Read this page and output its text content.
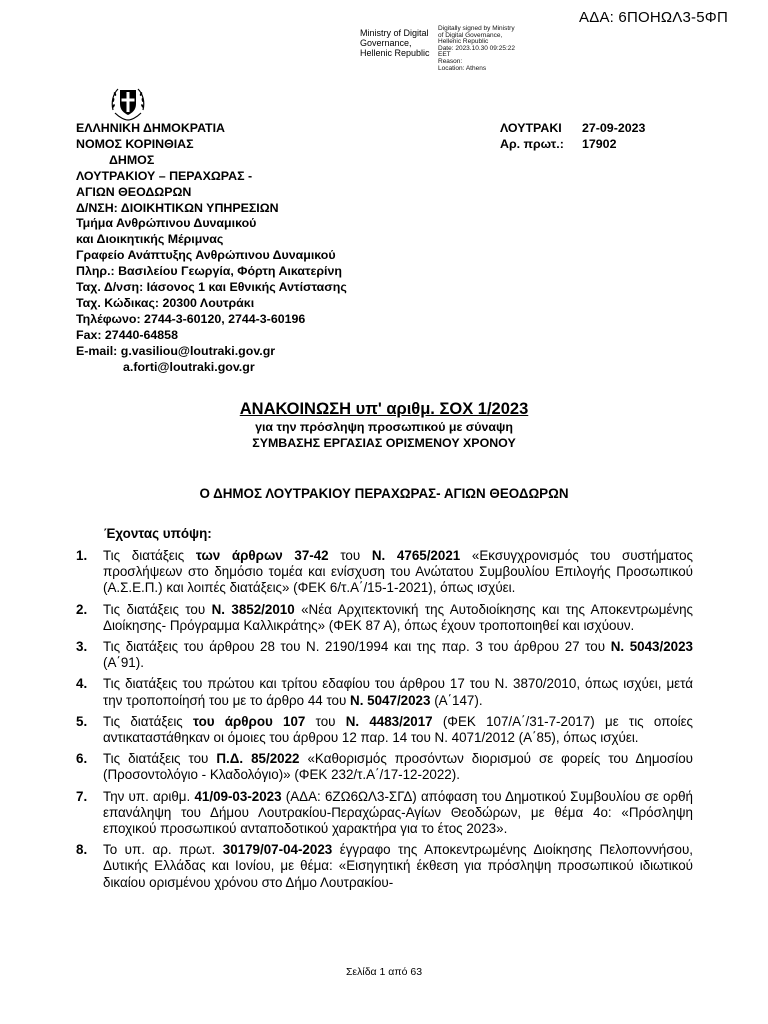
ΑΔΑ: 6ΠΟΗΩΛ3-5ΦΠ
Ministry of Digital
Governance,
Hellenic Republic
Digitally signed by Ministry
of Digital Governance,
Hellenic Republic
Date: 2023.10.30 09:25:22
EET
Reason:
Location: Athens
ΕΛΛΗΝΙΚΗ ΔΗΜΟΚΡΑΤΙΑ
ΝΟΜΟΣ ΚΟΡΙΝΘΙΑΣ
ΔΗΜΟΣ
ΛΟΥΤΡΑΚΙΟΥ – ΠΕΡΑΧΩΡΑΣ -
ΑΓΙΩΝ ΘΕΟΔΩΡΩΝ
Δ/ΝΣΗ: ΔΙΟΙΚΗΤΙΚΩΝ ΥΠΗΡΕΣΙΩΝ
Τμήμα Ανθρώπινου Δυναμικού
και Διοικητικής Μέριμνας
Γραφείο Ανάπτυξης Ανθρώπινου Δυναμικού
Πληρ.: Βασιλείου Γεωργία, Φόρτη Αικατερίνη
Ταχ. Δ/νση: Ιάσονος 1 και Εθνικής Αντίστασης
Ταχ. Κώδικας: 20300 Λουτράκι
Τηλέφωνο: 2744-3-60120, 2744-3-60196
Fax: 27440-64858
E-mail: g.vasiliou@loutraki.gov.gr
a.forti@loutraki.gov.gr
ΛΟΥΤΡΑΚΙ 27-09-2023
Αρ. πρωτ.: 17902
ΑΝΑΚΟΙΝΩΣΗ υπ' αριθμ. ΣΟΧ 1/2023
για την πρόσληψη προσωπικού με σύναψη
ΣΥΜΒΑΣΗΣ ΕΡΓΑΣΙΑΣ ΟΡΙΣΜΕΝΟΥ ΧΡΟΝΟΥ
Ο ΔΗΜΟΣ ΛΟΥΤΡΑΚΙΟΥ ΠΕΡΑΧΩΡΑΣ- ΑΓΙΩΝ ΘΕΟΔΩΡΩΝ
Έχοντας υπόψη:
1. Τις διατάξεις των άρθρων 37-42 του Ν. 4765/2021 «Εκσυγχρονισμός του συστήματος προσλήψεων στο δημόσιο τομέα και ενίσχυση του Ανώτατου Συμβουλίου Επιλογής Προσωπικού (Α.Σ.Ε.Π.) και λοιπές διατάξεις» (ΦΕΚ 6/τ.Α΄/15-1-2021), όπως ισχύει.
2. Τις διατάξεις του Ν. 3852/2010 «Νέα Αρχιτεκτονική της Αυτοδιοίκησης και της Αποκεντρωμένης Διοίκησης- Πρόγραμμα Καλλικράτης» (ΦΕΚ 87 Α), όπως έχουν τροποποιηθεί και ισχύουν.
3. Τις διατάξεις του άρθρου 28 του Ν. 2190/1994 και της παρ. 3 του άρθρου 27 του Ν. 5043/2023 (Α΄91).
4. Τις διατάξεις του πρώτου και τρίτου εδαφίου του άρθρου 17 του Ν. 3870/2010, όπως ισχύει, μετά την τροποποίησή του με το άρθρο 44 του Ν. 5047/2023 (Α΄147).
5. Τις διατάξεις του άρθρου 107 του Ν. 4483/2017 (ΦΕΚ 107/Α΄/31-7-2017) με τις οποίες αντικαταστάθηκαν οι όμοιες του άρθρου 12 παρ. 14 του Ν. 4071/2012 (Α΄85), όπως ισχύει.
6. Τις διατάξεις του Π.Δ. 85/2022 «Καθορισμός προσόντων διορισμού σε φορείς του Δημοσίου (Προσοντολόγιο - Κλαδολόγιο)» (ΦΕΚ 232/τ.Α΄/17-12-2022).
7. Την υπ. αριθμ. 41/09-03-2023 (ΑΔΑ: 6ΖΩ6ΩΛ3-ΣΓΔ) απόφαση του Δημοτικού Συμβουλίου σε ορθή επανάληψη του Δήμου Λουτρακίου-Περαχώρας-Αγίων Θεοδώρων, με θέμα 4ο: «Πρόσληψη εποχικού προσωπικού ανταποδοτικού χαρακτήρα για το έτος 2023».
8. Το υπ. αρ. πρωτ. 30179/07-04-2023 έγγραφο της Αποκεντρωμένης Διοίκησης Πελοποννήσου, Δυτικής Ελλάδας και Ιονίου, με θέμα: «Εισηγητική έκθεση για πρόσληψη προσωπικού ιδιωτικού δικαίου ορισμένου χρόνου στο Δήμο Λουτρακίου-
Σελίδα 1 από 63
